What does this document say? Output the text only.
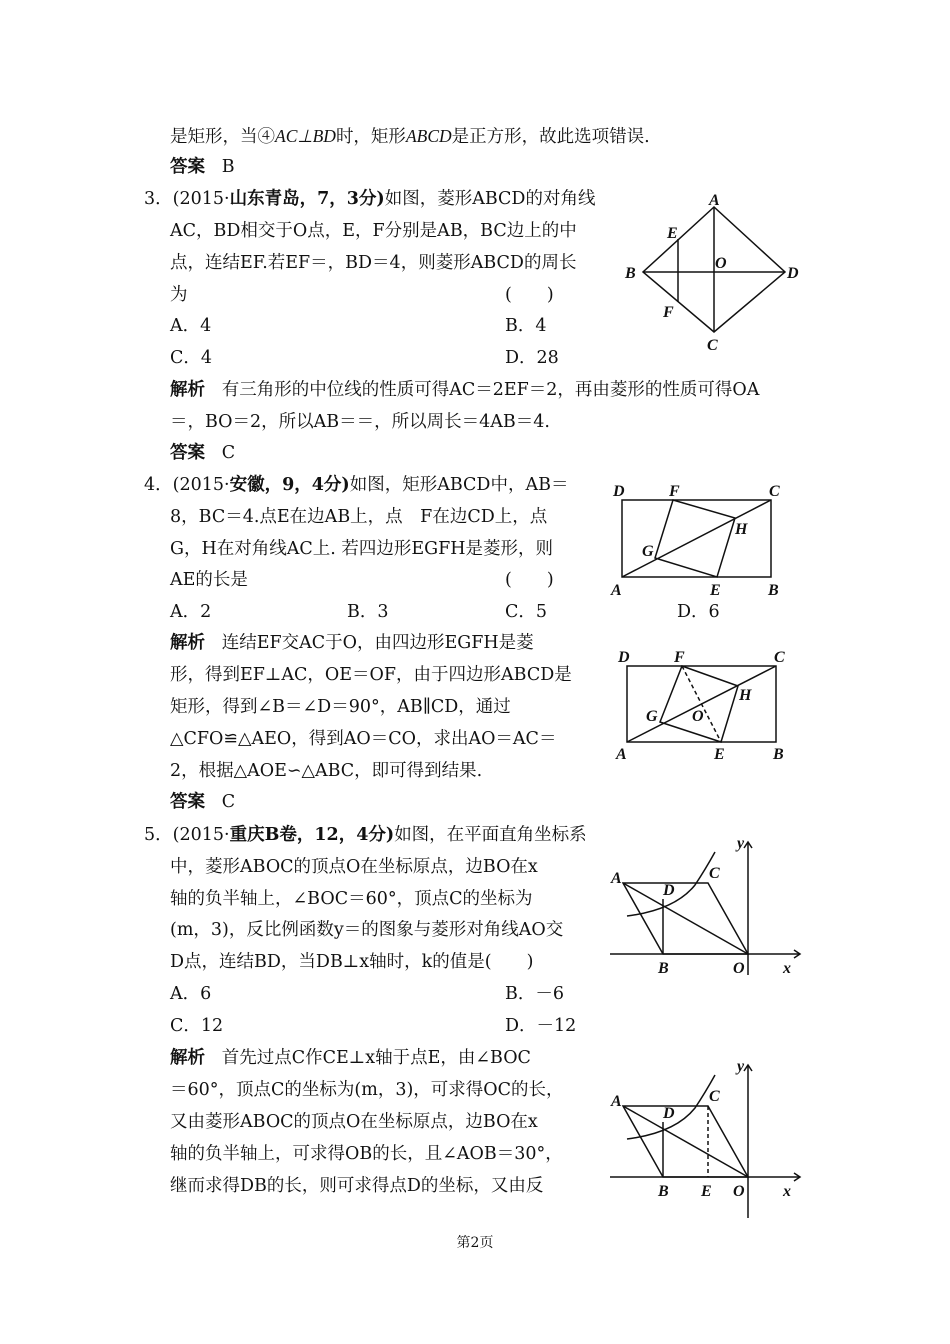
是矩形，当④AC⊥BD时，矩形ABCD是正方形，故此选项错误.
答案 B
3．(2015·山东青岛，7，3分)如图，菱形ABCD的对角线
AC，BD相交于O点，E，F分别是AB，BC边上的中
点，连结EF.若EF＝，BD＝4，则菱形ABCD的周长
为	(　　)
A．4	B．4
C．4	D．28
解析 有三角形的中位线的性质可得AC＝2EF＝2，再由菱形的性质可得OA
＝，BO＝2，所以AB＝＝，所以周长＝4AB＝4.
答案 C
A
B
C
D
E
F
O
4．(2015·安徽，9，4分)如图，矩形ABCD中，AB＝
8，BC＝4.点E在边AB上，点　F在边CD上，点
G，H在对角线AC上. 若四边形EGFH是菱形，则
AE的长是	(　　)
A．2	B．3	C．5	D．6
解析 连结EF交AC于O，由四边形EGFH是菱
形，得到EF⊥AC，OE＝OF，由于四边形ABCD是
矩形，得到∠B＝∠D＝90°，AB∥CD，通过
△CFO≌△AEO，得到AO＝CO，求出AO＝AC＝
2，根据△AOE∽△ABC，即可得到结果.
答案 C
D	F	C
H
G
A	E	B
D	F	C
H
G O
A	E	B
5．(2015·重庆B卷，12，4分)如图，在平面直角坐标系
中，菱形ABOC的顶点O在坐标原点，边BO在x
轴的负半轴上，∠BOC＝60°，顶点C的坐标为
(m，3)，反比例函数y＝的图象与菱形对角线AO交
D点，连结BD，当DB⊥x轴时，k的值是(　　)
A．6	B．－6
C．12	D．－12
解析 首先过点C作CE⊥x轴于点E，由∠BOC
＝60°，顶点C的坐标为(m，3)，可求得OC的长，
又由菱形ABOC的顶点O在坐标原点，边BO在x
轴的负半轴上，可求得OB的长，且∠AOB＝30°，
继而求得DB的长，则可求得点D的坐标，又由反
y
A	C
D
B	O x
y
A	C
D
B E O x
第2页
